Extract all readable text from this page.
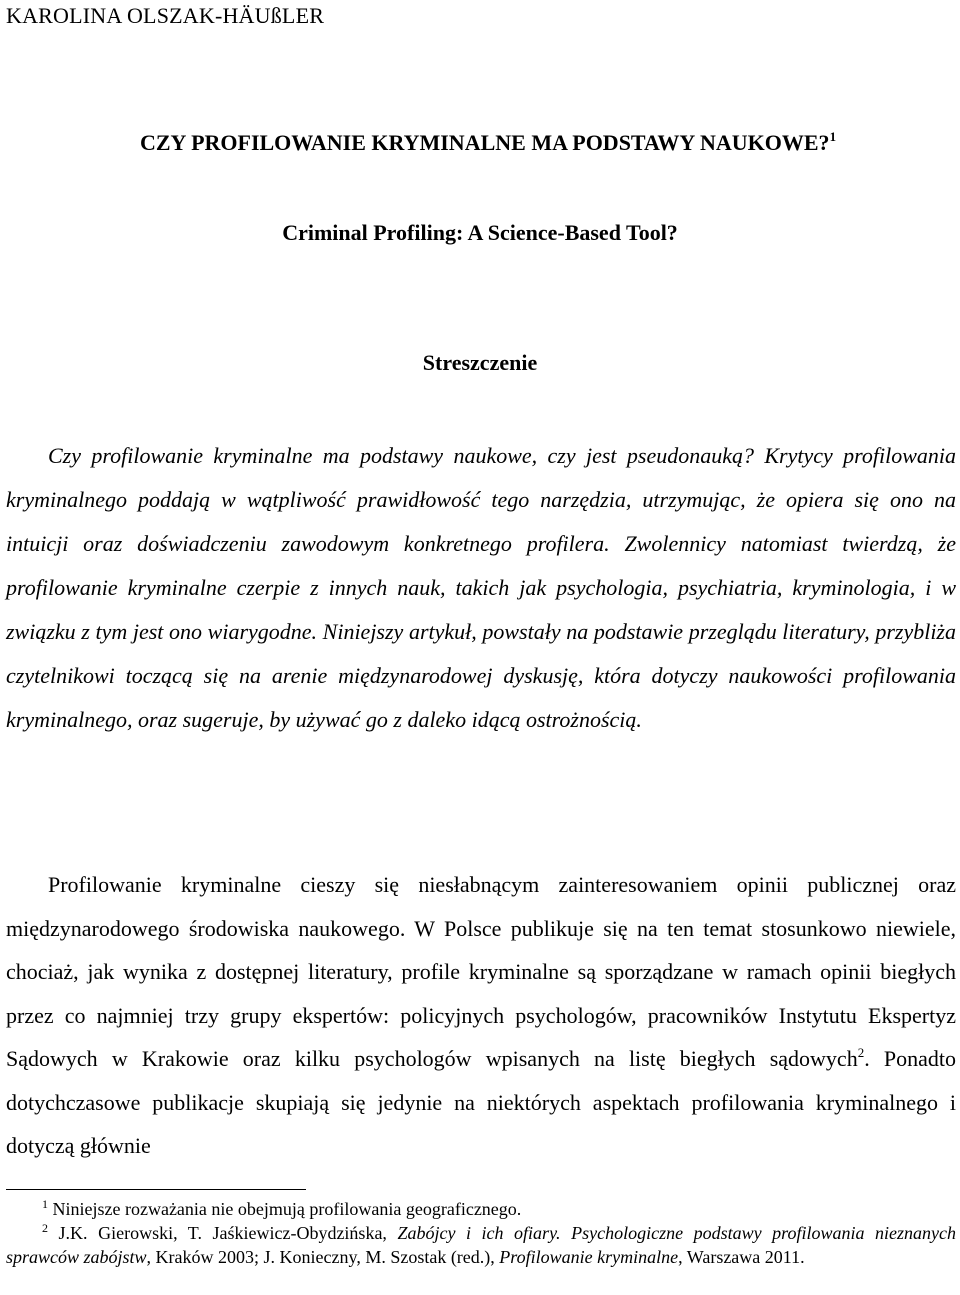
KAROLINA OLSZAK-HÄUßLER
CZY PROFILOWANIE KRYMINALNE MA PODSTAWY NAUKOWE?$^1$
Criminal Profiling: A Science-Based Tool?
Streszczenie

Czy profilowanie kryminalne ma podstawy naukowe, czy jest pseudonauką? Krytycy profilowania kryminalnego poddają w wątpliwość prawidłowość tego narzędzia, utrzymując, że opiera się ono na intuicji oraz doświadczeniu zawodowym konkretnego profilera. Zwolennicy natomiast twierdzą, że profilowanie kryminalne czerpie z innych nauk, takich jak psychologia, psychiatria, kryminologia, i w związku z tym jest ono wiarygodne. Niniejszy artykuł, powstały na podstawie przeglądu literatury, przybliża czytelnikowi toczącą się na arenie międzynarodowej dyskusję, która dotyczy naukowości profilowania kryminalnego, oraz sugeruje, by używać go z daleko idącą ostrożnością.

Profilowanie kryminalne cieszy się niesłabnącym zainteresowaniem opinii publicznej oraz międzynarodowego środowiska naukowego. W Polsce publikuje się na ten temat stosunkowo niewiele, chociaż, jak wynika z dostępnej literatury, profile kryminalne są sporządzane w ramach opinii biegłych przez co najmniej trzy grupy ekspertów: policyjnych psychologów, pracowników Instytutu Ekspertyz Sądowych w Krakowie oraz kilku psychologów wpisanych na listę biegłych sądowych$^2$. Ponadto dotychczasowe publikacje skupiają się jedynie na niektórych aspektach profilowania kryminalnego i dotyczą głównie

$^1$ Niniejsze rozważania nie obejmują profilowania geograficznego.

$^2$ J.K. Gierowski, T. Jaśkiewicz-Obydzińska, Zabójcy i ich ofiary. Psychologiczne podstawy profilowania nieznanych sprawców zabójstw, Kraków 2003; J. Konieczny, M. Szostak (red.), Profilowanie kryminalne, Warszawa 2011.
